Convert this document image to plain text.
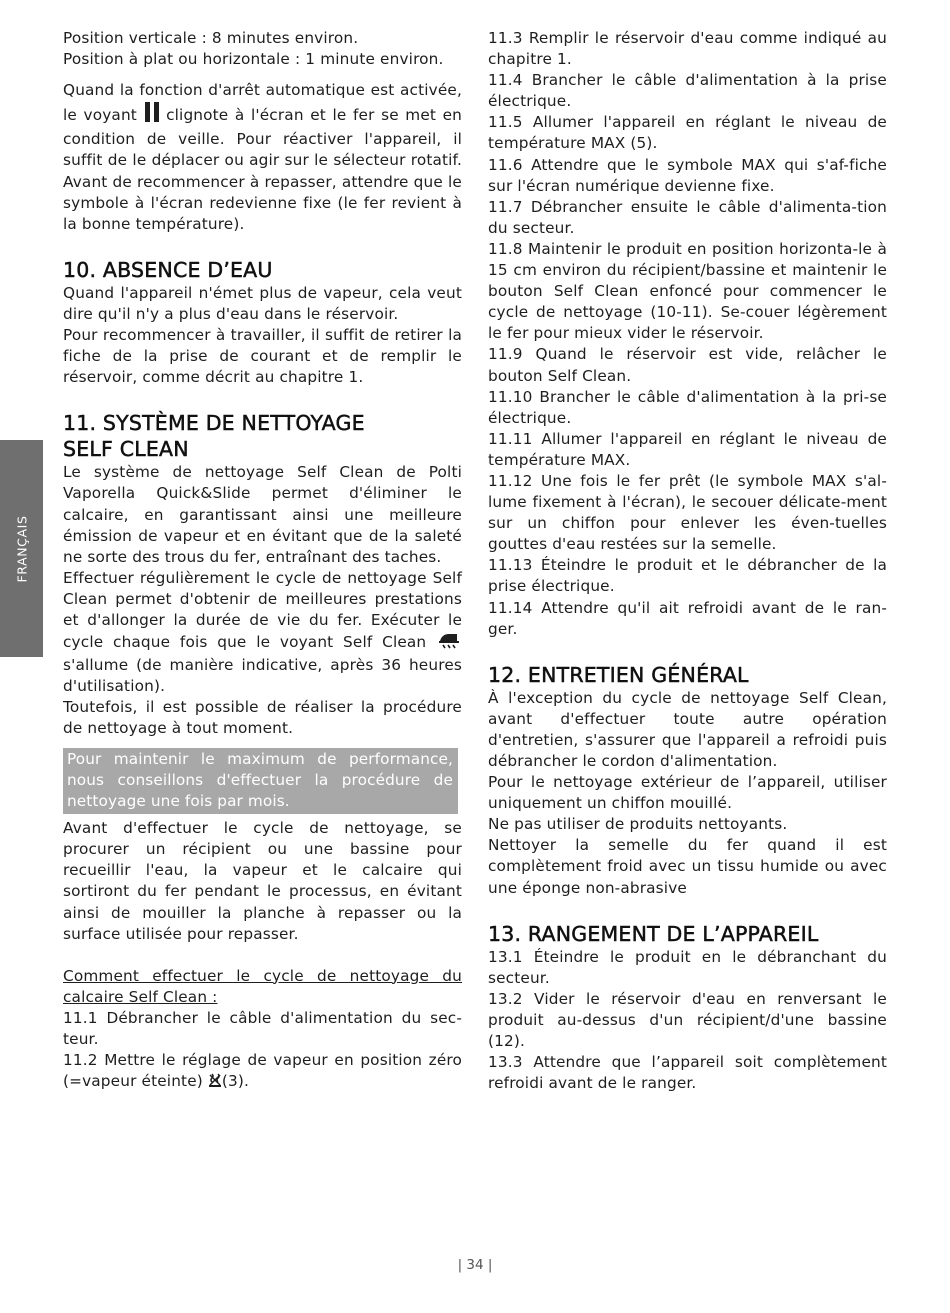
FRANÇAIS

Position verticale : 8 minutes environ.

Position à plat ou horizontale : 1 minute environ.

Quand la fonction d'arrêt automatique est activée, le voyant clignote à l'écran et le fer se met en condition de veille. Pour réactiver l'appareil, il suffit de le déplacer ou agir sur le sélecteur rotatif. Avant de recommencer à repasser, attendre que le symbole à l'écran redevienne fixe (le fer revient à la bonne température).

10. ABSENCE D’EAU

Quand l'appareil n'émet plus de vapeur, cela veut dire qu'il n'y a plus d'eau dans le réservoir.

Pour recommencer à travailler, il suffit de retirer la fiche de la prise de courant et de remplir le réservoir, comme décrit au chapitre 1.

11. SYSTÈME DE NETTOYAGE
SELF CLEAN

Le système de nettoyage Self Clean de Polti Vaporella Quick&Slide permet d'éliminer le calcaire, en garantissant ainsi une meilleure émission de vapeur et en évitant que de la saleté ne sorte des trous du fer, entraînant des taches.

Effectuer régulièrement le cycle de nettoyage Self Clean permet d'obtenir de meilleures prestations et d'allonger la durée de vie du fer. Exécuter le cycle chaque fois que le voyant Self Clean  s'allume (de manière indicative, après 36 heures d'utilisation).

Toutefois, il est possible de réaliser la procédure de nettoyage à tout moment.

Pour maintenir le maximum de performance, nous conseillons d'effectuer la procédure de nettoyage une fois par mois.

Avant d'effectuer le cycle de nettoyage, se procurer un récipient ou une bassine pour recueillir l'eau, la vapeur et le calcaire qui sortiront du fer pendant le processus, en évitant ainsi de mouiller la planche à repasser ou la surface utilisée pour repasser.

Comment effectuer le cycle de nettoyage du calcaire Self Clean :

11.1 Débrancher le câble d'alimentation du sec-teur.

11.2 Mettre le réglage de vapeur en position zéro (=vapeur éteinte) (3).

11.3 Remplir le réservoir d'eau comme indiqué au chapitre 1.

11.4 Brancher le câble d'alimentation à la prise électrique.

11.5 Allumer l'appareil en réglant le niveau de température MAX (5).

11.6 Attendre que le symbole MAX qui s'af-fiche sur l'écran numérique devienne fixe.

11.7 Débrancher ensuite le câble d'alimenta-tion du secteur.

11.8 Maintenir le produit en position horizonta-le à 15 cm environ du récipient/bassine et maintenir le bouton Self Clean enfoncé pour commencer le cycle de nettoyage (10-11). Se-couer légèrement le fer pour mieux vider le réservoir.

11.9 Quand le réservoir est vide, relâcher le bouton Self Clean.

11.10 Brancher le câble d'alimentation à la pri-se électrique.

11.11 Allumer l'appareil en réglant le niveau de température MAX.

11.12 Une fois le fer prêt (le symbole MAX s'al-lume fixement à l'écran), le secouer délicate-ment sur un chiffon pour enlever les éven-tuelles gouttes d'eau restées sur la semelle.

11.13 Éteindre le produit et le débrancher de la prise électrique.

11.14 Attendre qu'il ait refroidi avant de le ran-ger.

12. ENTRETIEN GÉNÉRAL

À l'exception du cycle de nettoyage Self Clean, avant d'effectuer toute autre opération d'entretien, s'assurer que l'appareil a refroidi puis débrancher le cordon d'alimentation.

Pour le nettoyage extérieur de l’appareil, utiliser uniquement un chiffon mouillé.

Ne pas utiliser de produits nettoyants.

Nettoyer la semelle du fer quand il est complètement froid avec un tissu humide ou avec une éponge non-abrasive

13. RANGEMENT DE L’APPAREIL

13.1 Éteindre le produit en le débranchant du secteur.

13.2 Vider le réservoir d'eau en renversant le produit au-dessus d'un récipient/d'une bassine (12).

13.3 Attendre que l’appareil soit complètement refroidi avant de le ranger.

| 34 |
